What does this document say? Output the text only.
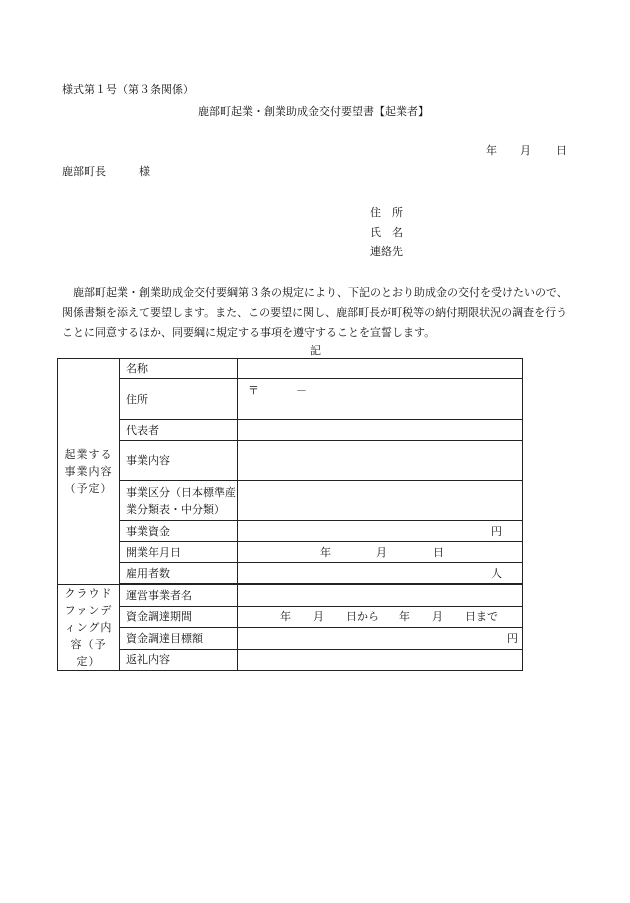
様式第１号（第３条関係）
鹿部町起業・創業助成金交付要望書【起業者】
年 月 日
鹿部町長　　　様
住　所
氏　名
連絡先
鹿部町起業・創業助成金交付要綱第３条の規定により、下記のとおり助成金の交付を受けたいので、関係書類を添えて要望します。また、この要望に関し、鹿部町長が町税等の納付期限状況の調査を行うことに同意するほか、同要綱に規定する事項を遵守することを宣誓します。
記
起業する事業内容（予定）	名称	
	住所	〒 －

	代表者	
	事業内容	
	事業区分（日本標準産業分類表・中分類）	
	事業資金	円
	開業年月日	年 月 日
	雇用者数	人

クラウドファンディング内容（予定）	運営事業者名	
	資金調達期間	年 月 日から 年 月 日まで
	資金調達目標額	円
	返礼内容	
